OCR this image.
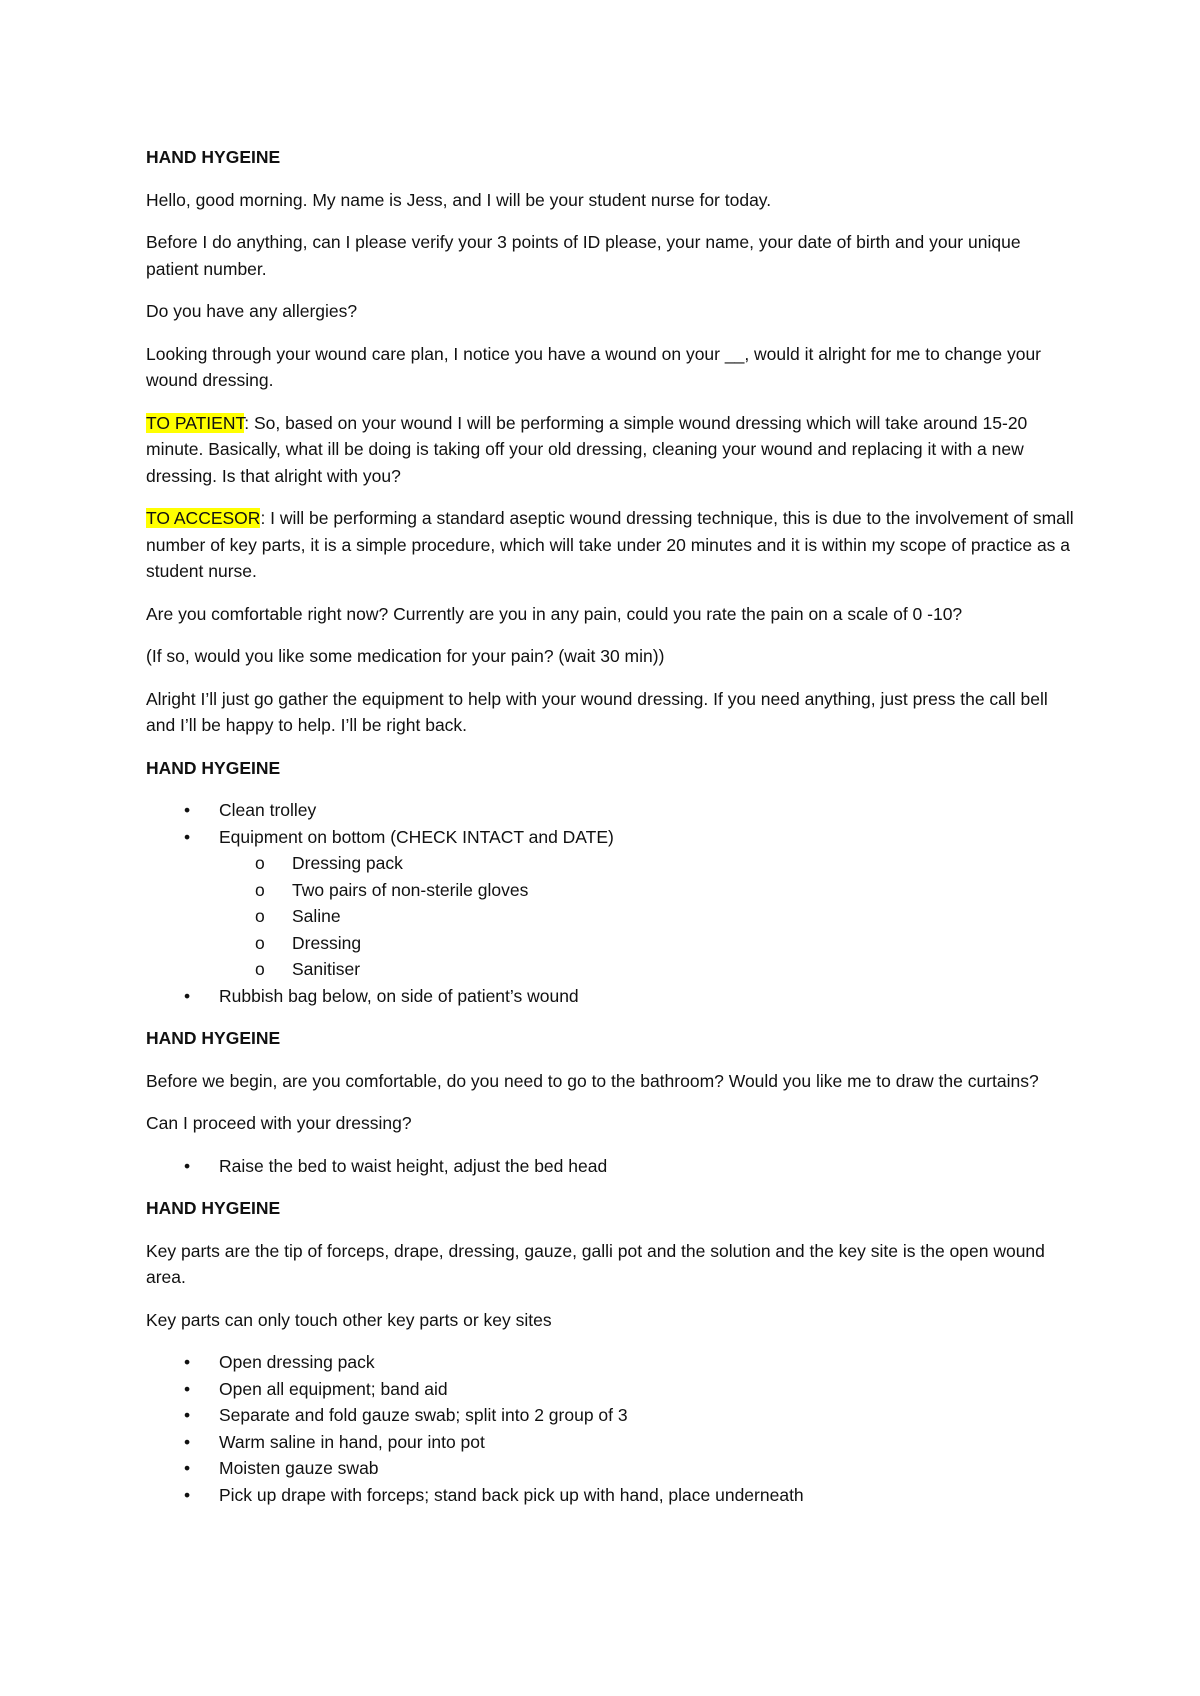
HAND HYGEINE

Hello, good morning. My name is Jess, and I will be your student nurse for today.

Before I do anything, can I please verify your 3 points of ID please, your name, your date of birth and your unique patient number.

Do you have any allergies?

Looking through your wound care plan, I notice you have a wound on your __, would it alright for me to change your wound dressing.

TO PATIENT: So, based on your wound I will be performing a simple wound dressing which will take around 15-20 minute. Basically, what ill be doing is taking off your old dressing, cleaning your wound and replacing it with a new dressing. Is that alright with you?

TO ACCESOR: I will be performing a standard aseptic wound dressing technique, this is due to the involvement of small number of key parts, it is a simple procedure, which will take under 20 minutes and it is within my scope of practice as a student nurse.

Are you comfortable right now? Currently are you in any pain, could you rate the pain on a scale of 0 -10?

(If so, would you like some medication for your pain? (wait 30 min))

Alright I’ll just go gather the equipment to help with your wound dressing. If you need anything, just press the call bell and I’ll be happy to help. I’ll be right back.

HAND HYGEINE

• Clean trolley
• Equipment on bottom (CHECK INTACT and DATE)
o Dressing pack
o Two pairs of non-sterile gloves
o Saline
o Dressing
o Sanitiser
• Rubbish bag below, on side of patient’s wound

HAND HYGEINE

Before we begin, are you comfortable, do you need to go to the bathroom? Would you like me to draw the curtains?

Can I proceed with your dressing?

• Raise the bed to waist height, adjust the bed head

HAND HYGEINE

Key parts are the tip of forceps, drape, dressing, gauze, galli pot and the solution and the key site is the open wound area.

Key parts can only touch other key parts or key sites

• Open dressing pack
• Open all equipment; band aid
• Separate and fold gauze swab; split into 2 group of 3
• Warm saline in hand, pour into pot
• Moisten gauze swab
• Pick up drape with forceps; stand back pick up with hand, place underneath
